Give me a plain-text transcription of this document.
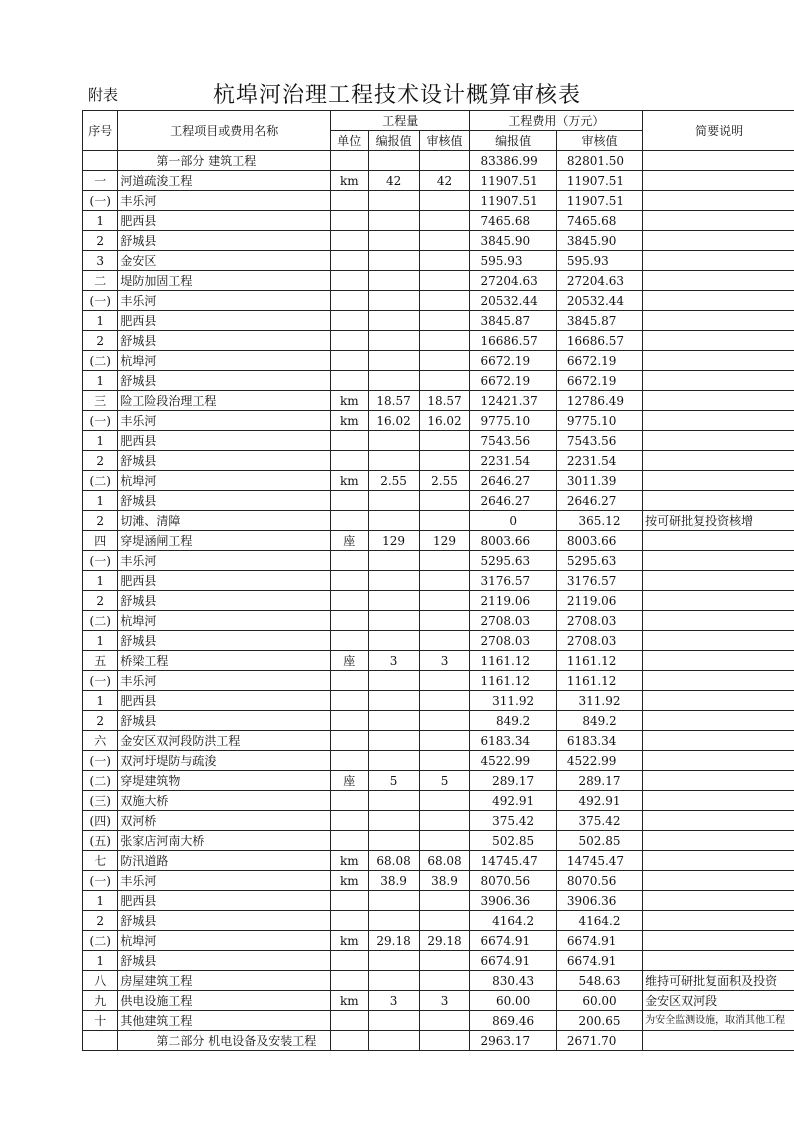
附表	杭埠河治理工程技术设计概算审核表
序号	工程项目或费用名称	工程量			工程费用（万元）		简要说明
		单位	编报值	审核值	编报值	审核值	
	第一部分 建筑工程				83386.99	82801.50	
一	河道疏浚工程	km	42	42	11907.51	11907.51	
(一)	丰乐河				11907.51	11907.51	
1	肥西县				7465.68	7465.68	
2	舒城县				3845.90	3845.90	
3	金安区				595.93	595.93	
二	堤防加固工程				27204.63	27204.63	
(一)	丰乐河				20532.44	20532.44	
1	肥西县				3845.87	3845.87	
2	舒城县				16686.57	16686.57	
(二)	杭埠河				6672.19	6672.19	
1	舒城县				6672.19	6672.19	
三	险工险段治理工程	km	18.57	18.57	12421.37	12786.49	
(一)	丰乐河	km	16.02	16.02	9775.10	9775.10	
1	肥西县				7543.56	7543.56	
2	舒城县				2231.54	2231.54	
(二)	杭埠河	km	2.55	2.55	2646.27	3011.39	
1	舒城县				2646.27	2646.27	
2	切滩、清障				0	365.12	按可研批复投资核增
四	穿堤涵闸工程	座	129	129	8003.66	8003.66	
(一)	丰乐河				5295.63	5295.63	
1	肥西县				3176.57	3176.57	
2	舒城县				2119.06	2119.06	
(二)	杭埠河				2708.03	2708.03	
1	舒城县				2708.03	2708.03	
五	桥梁工程	座	3	3	1161.12	1161.12	
(一)	丰乐河				1161.12	1161.12	
1	肥西县				311.92	311.92	
2	舒城县				849.2	849.2	
六	金安区双河段防洪工程				6183.34	6183.34	
(一)	双河圩堤防与疏浚				4522.99	4522.99	
(二)	穿堤建筑物	座	5	5	289.17	289.17	
(三)	双施大桥				492.91	492.91	
(四)	双河桥				375.42	375.42	
(五)	张家店河南大桥				502.85	502.85	
七	防汛道路	km	68.08	68.08	14745.47	14745.47	
(一)	丰乐河	km	38.9	38.9	8070.56	8070.56	
1	肥西县				3906.36	3906.36	
2	舒城县				4164.2	4164.2	
(二)	杭埠河	km	29.18	29.18	6674.91	6674.91	
1	舒城县				6674.91	6674.91	
八	房屋建筑工程				830.43	548.63	维持可研批复面积及投资
九	供电设施工程	km	3	3	60.00	60.00	金安区双河段
十	其他建筑工程				869.46	200.65	为安全监测设施，取消其他工程
	第二部分 机电设备及安装工程				2963.17	2671.70	
